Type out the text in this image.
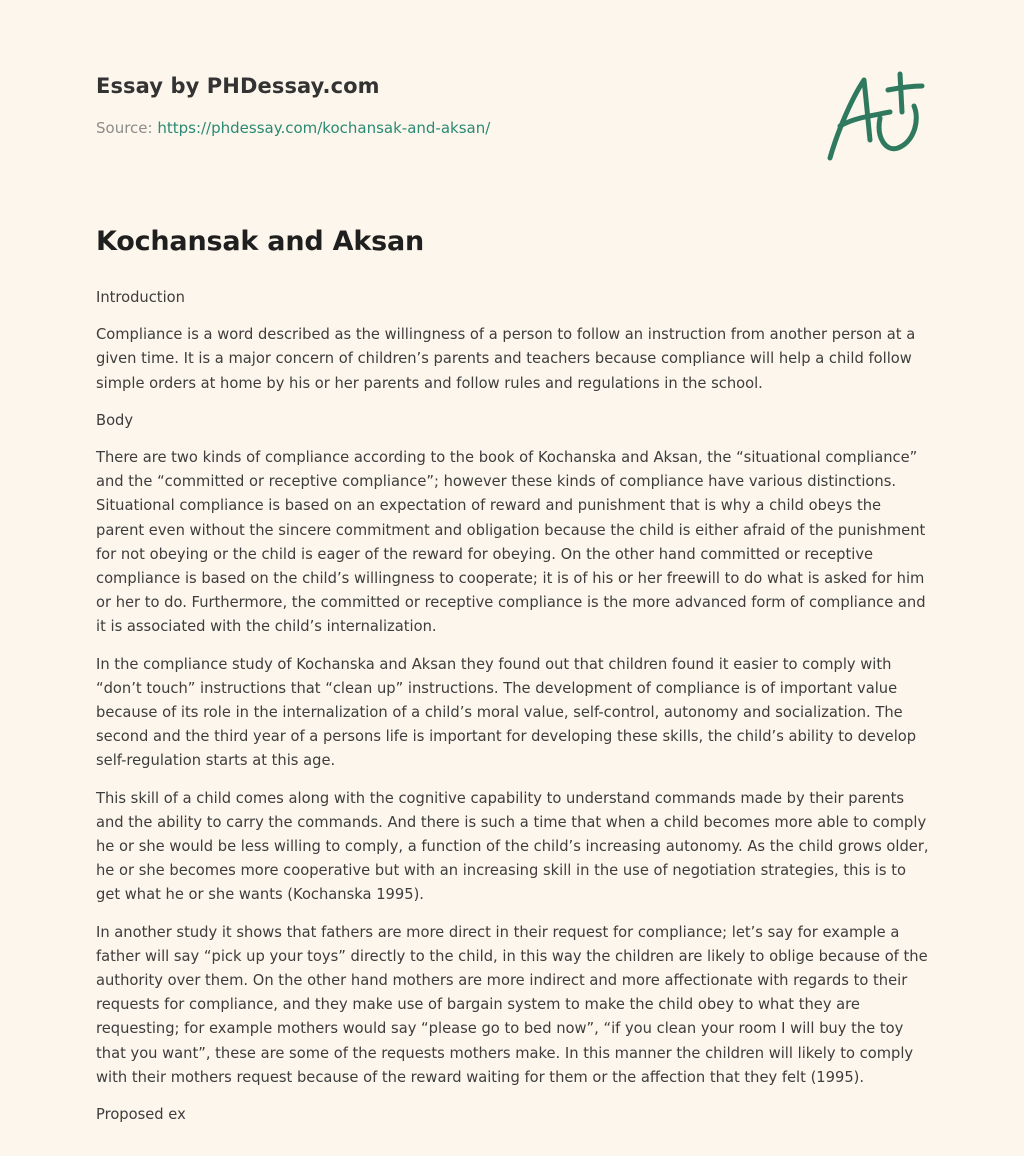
Essay by PHDessay.com
Source: https://phdessay.com/kochansak-and-aksan/
Kochansak and Aksan

Introduction

Compliance is a word described as the willingness of a person to follow an instruction from another person at a given time. It is a major concern of children’s parents and teachers because compliance will help a child follow simple orders at home by his or her parents and follow rules and regulations in the school.

Body

There are two kinds of compliance according to the book of Kochanska and Aksan, the “situational compliance” and the “committed or receptive compliance”; however these kinds of compliance have various distinctions. Situational compliance is based on an expectation of reward and punishment that is why a child obeys the parent even without the sincere commitment and obligation because the child is either afraid of the punishment for not obeying or the child is eager of the reward for obeying. On the other hand committed or receptive compliance is based on the child’s willingness to cooperate; it is of his or her freewill to do what is asked for him or her to do. Furthermore, the committed or receptive compliance is the more advanced form of compliance and it is associated with the child’s internalization.

In the compliance study of Kochanska and Aksan they found out that children found it easier to comply with “don’t touch” instructions that “clean up” instructions. The development of compliance is of important value because of its role in the internalization of a child’s moral value, self-control, autonomy and socialization. The second and the third year of a persons life is important for developing these skills, the child’s ability to develop self-regulation starts at this age.

This skill of a child comes along with the cognitive capability to understand commands made by their parents and the ability to carry the commands. And there is such a time that when a child becomes more able to comply he or she would be less willing to comply, a function of the child’s increasing autonomy. As the child grows older, he or she becomes more cooperative but with an increasing skill in the use of negotiation strategies, this is to get what he or she wants (Kochanska 1995).

In another study it shows that fathers are more direct in their request for compliance; let’s say for example a father will say “pick up your toys” directly to the child, in this way the children are likely to oblige because of the authority over them. On the other hand mothers are more indirect and more affectionate with regards to their requests for compliance, and they make use of bargain system to make the child obey to what they are requesting; for example mothers would say “please go to bed now”, “if you clean your room I will buy the toy that you want”, these are some of the requests mothers make. In this manner the children will likely to comply with their mothers request because of the reward waiting for them or the affection that they felt (1995).

Proposed ex
